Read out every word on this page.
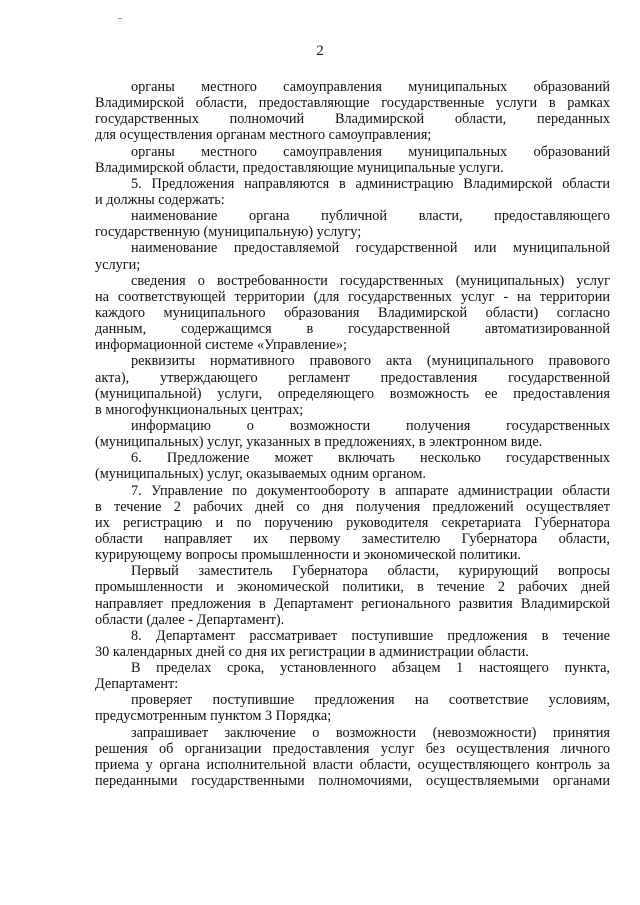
2
органы местного самоуправления муниципальных образований
Владимирской области, предоставляющие государственные услуги в рамках
государственных полномочий Владимирской области, переданных
для осуществления органам местного самоуправления;
органы местного самоуправления муниципальных образований
Владимирской области, предоставляющие муниципальные услуги.
5. Предложения направляются в администрацию Владимирской области
и должны содержать:
наименование органа публичной власти, предоставляющего
государственную (муниципальную) услугу;
наименование предоставляемой государственной или муниципальной
услуги;
сведения о востребованности государственных (муниципальных) услуг
на соответствующей территории (для государственных услуг - на территории
каждого муниципального образования Владимирской области) согласно
данным, содержащимся в государственной автоматизированной
информационной системе «Управление»;
реквизиты нормативного правового акта (муниципального правового
акта), утверждающего регламент предоставления государственной
(муниципальной) услуги, определяющего возможность ее предоставления
в многофункциональных центрах;
информацию о возможности получения государственных
(муниципальных) услуг, указанных в предложениях, в электронном виде.
6. Предложение может включать несколько государственных
(муниципальных) услуг, оказываемых одним органом.
7. Управление по документообороту в аппарате администрации области
в течение 2 рабочих дней со дня получения предложений осуществляет
их регистрацию и по поручению руководителя секретариата Губернатора
области направляет их первому заместителю Губернатора области,
курирующему вопросы промышленности и экономической политики.
Первый заместитель Губернатора области, курирующий вопросы
промышленности и экономической политики, в течение 2 рабочих дней
направляет предложения в Департамент регионального развития Владимирской
области (далее - Департамент).
8. Департамент рассматривает поступившие предложения в течение
30 календарных дней со дня их регистрации в администрации области.
В пределах срока, установленного абзацем 1 настоящего пункта,
Департамент:
проверяет поступившие предложения на соответствие условиям,
предусмотренным пунктом 3 Порядка;
запрашивает заключение о возможности (невозможности) принятия
решения об организации предоставления услуг без осуществления личного
приема у органа исполнительной власти области, осуществляющего контроль за
переданными государственными полномочиями, осуществляемыми органами
